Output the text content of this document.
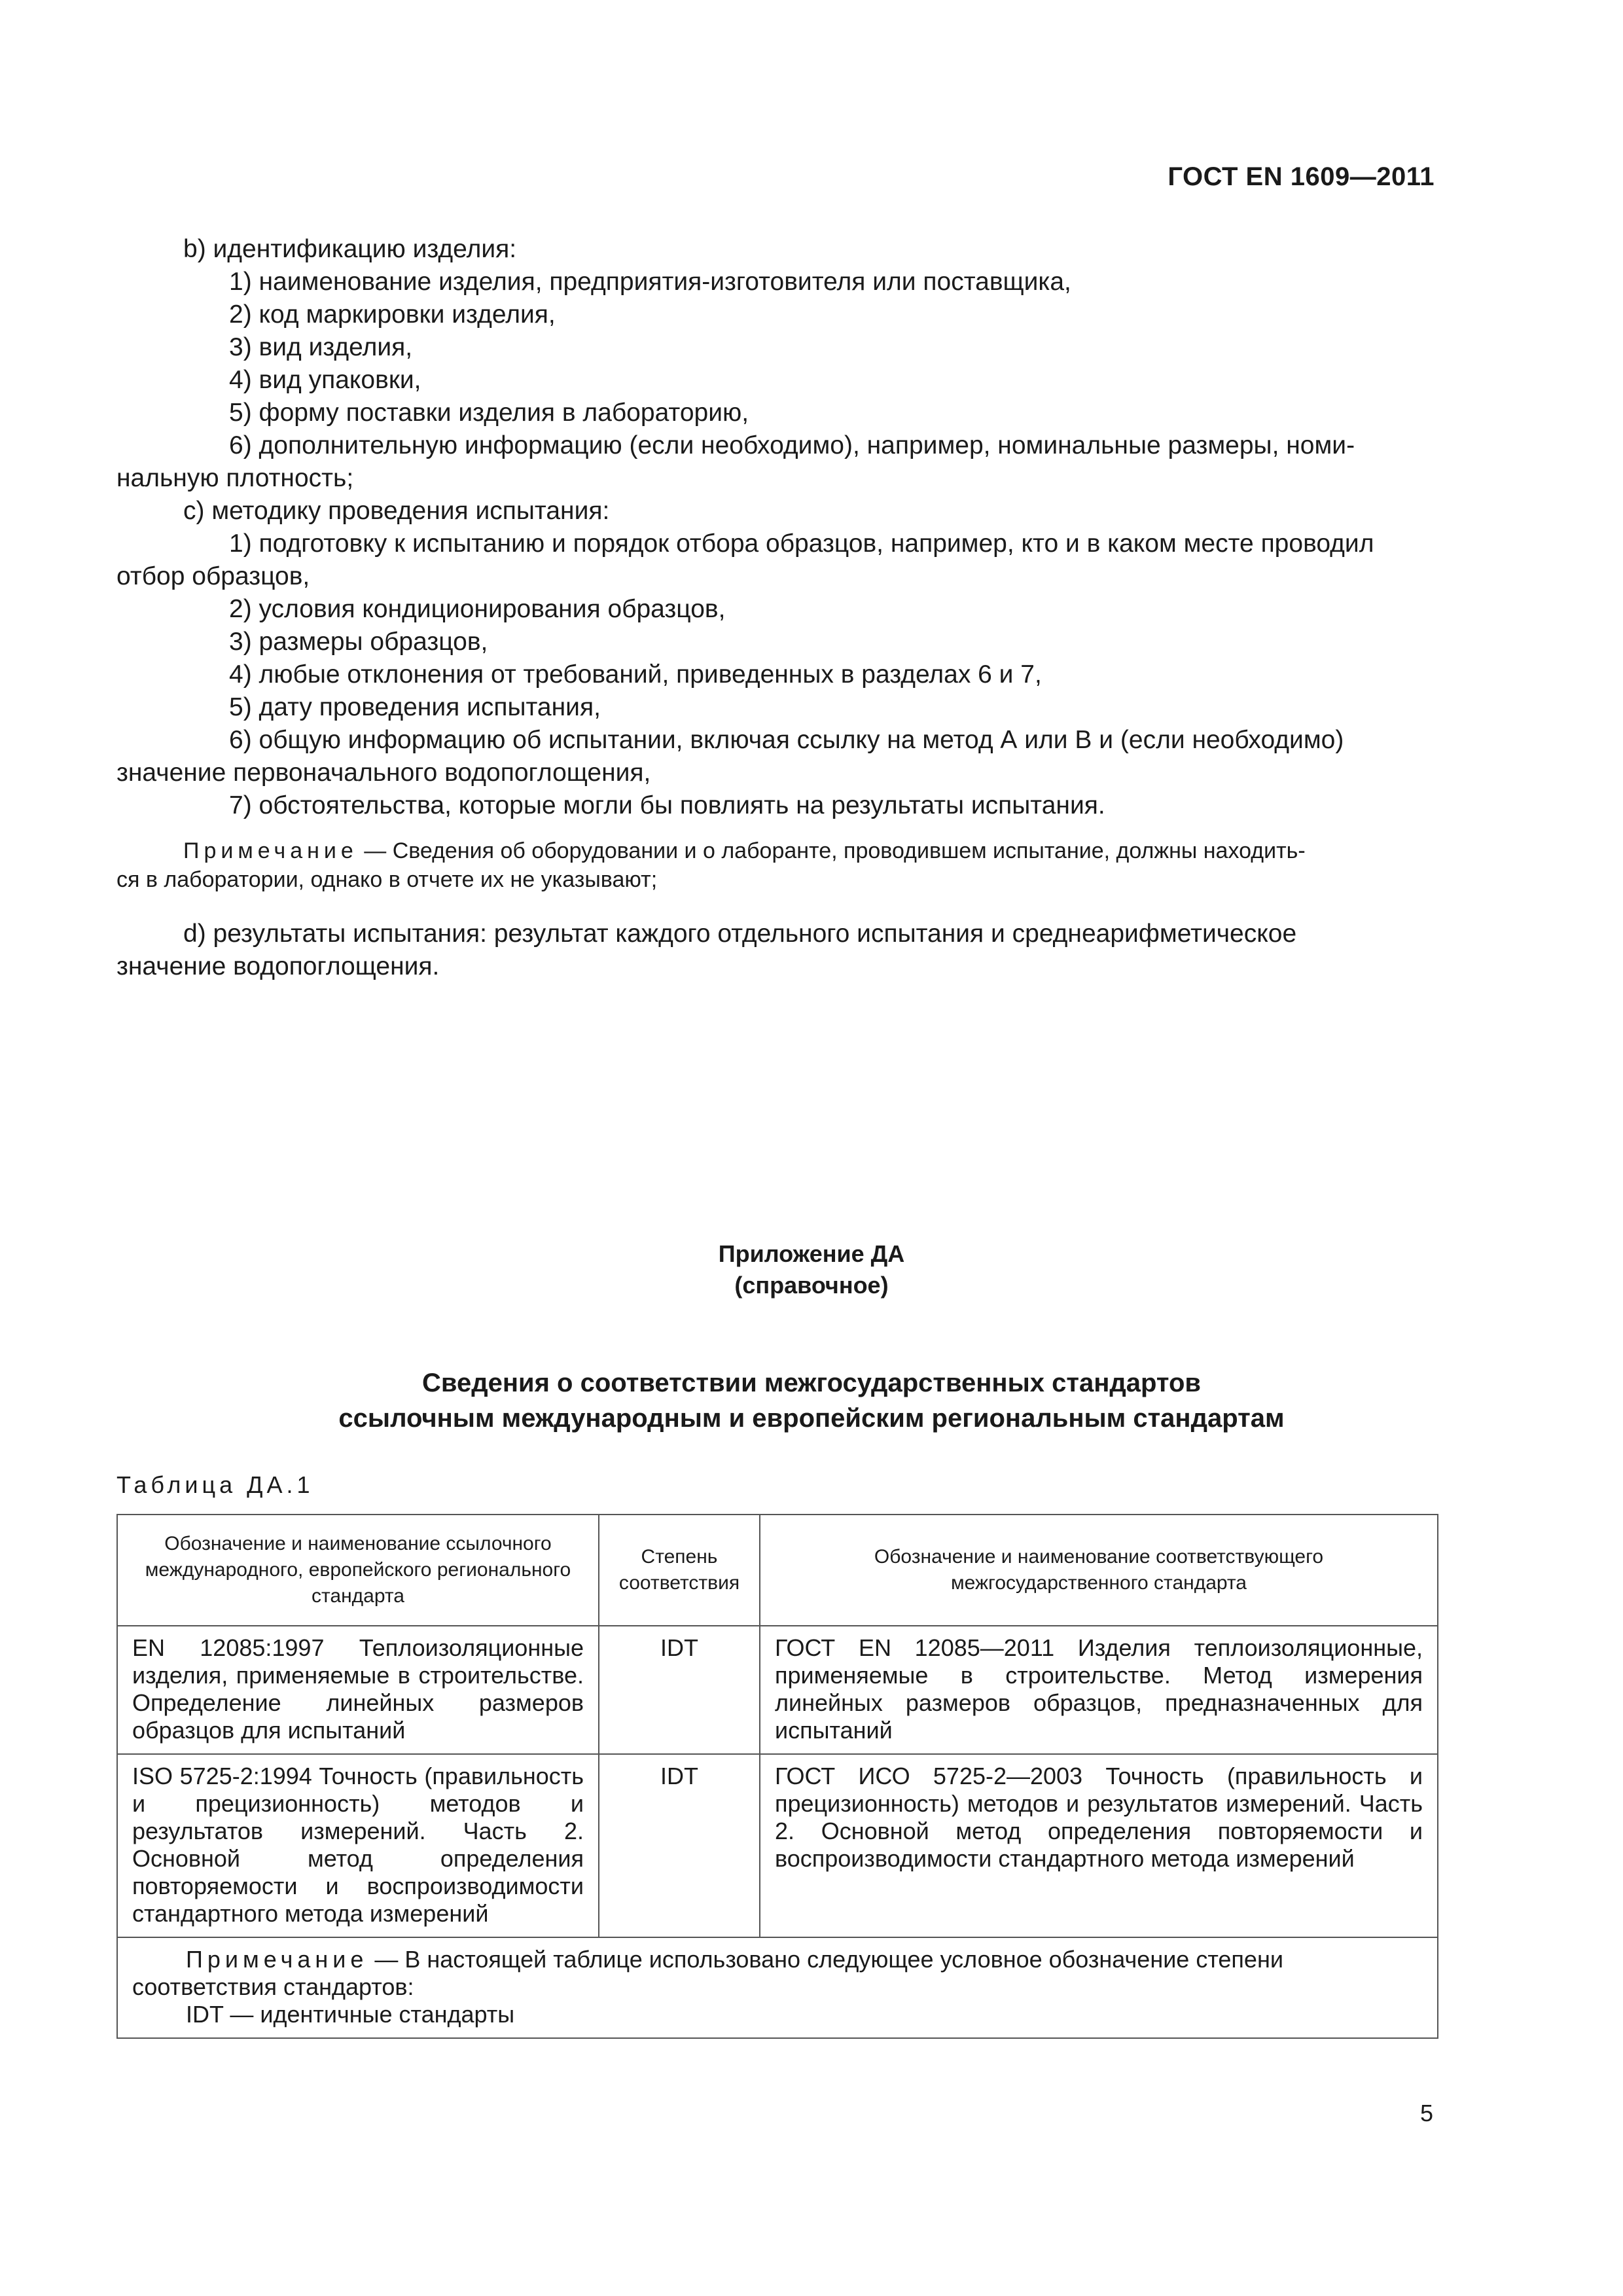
ГОСТ EN 1609—2011
b) идентификацию изделия:
1) наименование изделия, предприятия-изготовителя или поставщика,
2) код маркировки изделия,
3) вид изделия,
4) вид упаковки,
5) форму поставки изделия в лабораторию,
6) дополнительную информацию (если необходимо), например, номинальные размеры, номи-
нальную плотность;
c) методику проведения испытания:
1) подготовку к испытанию и порядок отбора образцов, например, кто и в каком месте проводил
отбор образцов,
2) условия кондиционирования образцов,
3) размеры образцов,
4) любые отклонения от требований, приведенных в разделах 6 и 7,
5) дату проведения испытания,
6) общую информацию об испытании, включая ссылку на метод А или В и (если необходимо)
значение первоначального водопоглощения,
7) обстоятельства, которые могли бы повлиять на результаты испытания.
Примечание — Сведения об оборудовании и о лаборанте, проводившем испытание, должны находить-
ся в лаборатории, однако в отчете их не указывают;
d) результаты испытания: результат каждого отдельного испытания и среднеарифметическое
значение водопоглощения.
Приложение ДА
(справочное)
Сведения о соответствии межгосударственных стандартов
ссылочным международным и европейским региональным стандартам
Таблица ДА.1
Обозначение и наименование ссылочного международного, европейского регионального стандарта	Степень соответствия	Обозначение и наименование соответствующего межгосударственного стандарта
EN 12085:1997 Теплоизоляционные изделия, применяемые в строительстве. Определение линейных размеров образцов для испытаний	IDT	ГОСТ EN 12085—2011 Изделия теплоизоляционные, применяемые в строительстве. Метод измерения линейных размеров образцов, предназначенных для испытаний
ISO 5725-2:1994 Точность (правильность и прецизионность) методов и результатов измерений. Часть 2. Основной метод определения повторяемости и воспроизводимости стандартного метода измерений	IDT	ГОСТ ИСО 5725-2—2003 Точность (правильность и прецизионность) методов и результатов измерений. Часть 2. Основной метод определения повторяемости и воспроизводимости стандартного метода измерений

Примечание — В настоящей таблице использовано следующее условное обозначение степени соответствия стандартов:
IDT — идентичные стандарты		
5
